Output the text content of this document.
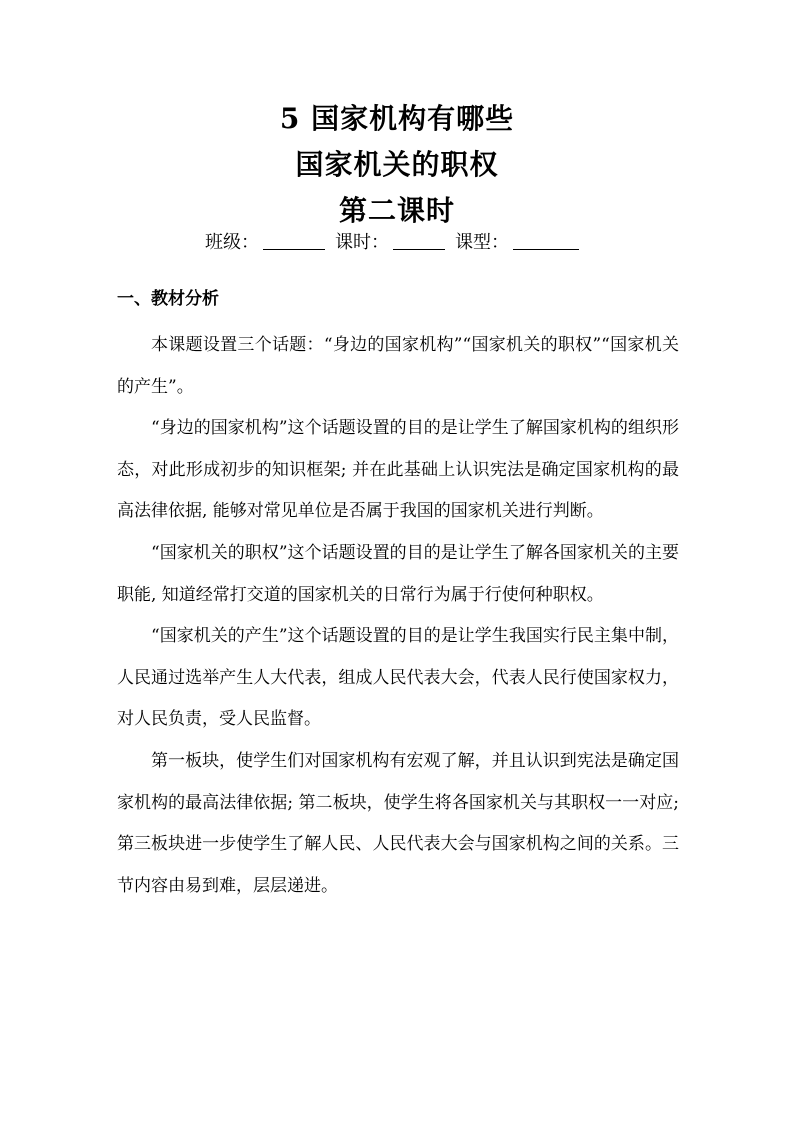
5 国家机构有哪些
国家机关的职权
第二课时
班级：	课时：	课型：
一、教材分析

本课题设置三个话题：“身边的国家机构”“国家机关的职权”“国家机关的产生”。

“身边的国家机构”这个话题设置的目的是让学生了解国家机构的组织形态，对此形成初步的知识框架; 并在此基础上认识宪法是确定国家机构的最高法律依据, 能够对常见单位是否属于我国的国家机关进行判断。

“国家机关的职权”这个话题设置的目的是让学生了解各国家机关的主要职能, 知道经常打交道的国家机关的日常行为属于行使何种职权。

“国家机关的产生”这个话题设置的目的是让学生我国实行民主集中制，人民通过选举产生人大代表，组成人民代表大会，代表人民行使国家权力，对人民负责，受人民监督。

第一板块，使学生们对国家机构有宏观了解，并且认识到宪法是确定国家机构的最高法律依据; 第二板块，使学生将各国家机关与其职权一一对应; 第三板块进一步使学生了解人民、人民代表大会与国家机构之间的关系。三节内容由易到难，层层递进。
